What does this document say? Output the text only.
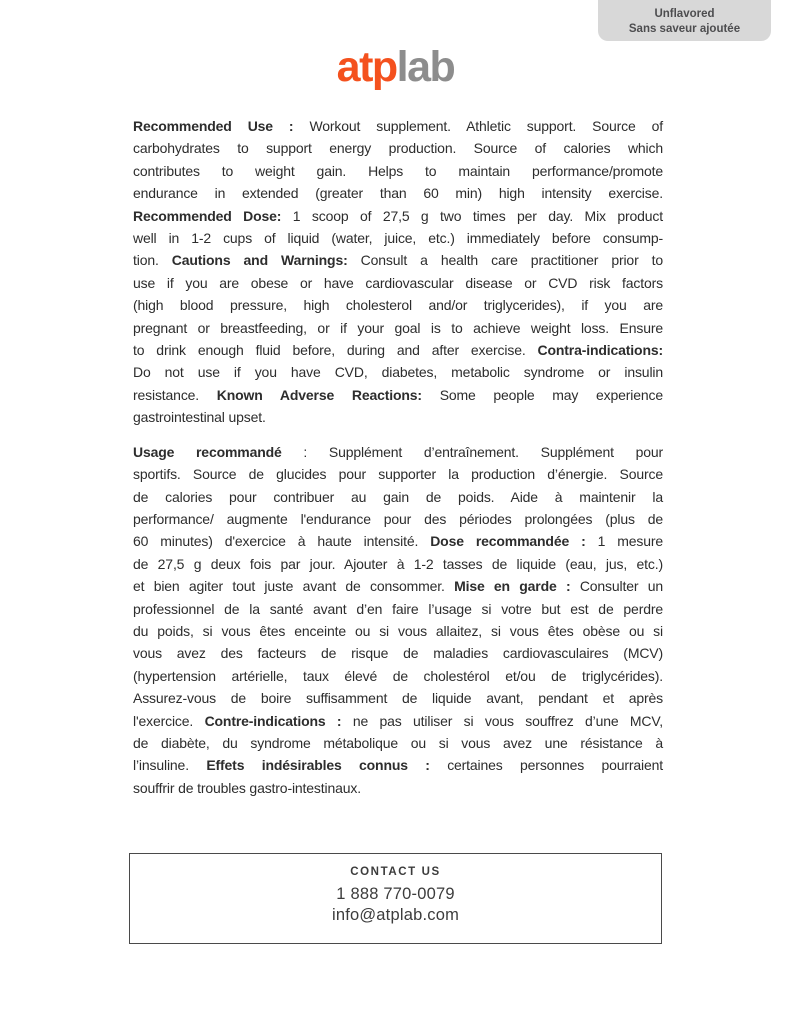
Unflavored
Sans saveur ajoutée
atplab
Recommended Use : Workout supplement. Athletic support. Source of
carbohydrates to support energy production. Source of calories which
contributes to weight gain. Helps to maintain performance/promote
endurance in extended (greater than 60 min) high intensity exercise.
Recommended Dose: 1 scoop of 27,5 g two times per day. Mix product
well in 1-2 cups of liquid (water, juice, etc.) immediately before consump-
tion. Cautions and Warnings: Consult a health care practitioner prior to
use if you are obese or have cardiovascular disease or CVD risk factors
(high blood pressure, high cholesterol and/or triglycerides), if you are
pregnant or breastfeeding, or if your goal is to achieve weight loss. Ensure
to drink enough fluid before, during and after exercise. Contra-indications:
Do not use if you have CVD, diabetes, metabolic syndrome or insulin
resistance. Known Adverse Reactions: Some people may experience
gastrointestinal upset.
Usage recommandé : Supplément d’entraînement. Supplément pour
sportifs. Source de glucides pour supporter la production d’énergie. Source
de calories pour contribuer au gain de poids. Aide à maintenir la
performance/ augmente l'endurance pour des périodes prolongées (plus de
60 minutes) d'exercice à haute intensité. Dose recommandée : 1 mesure
de 27,5 g deux fois par jour. Ajouter à 1-2 tasses de liquide (eau, jus, etc.)
et bien agiter tout juste avant de consommer. Mise en garde : Consulter un
professionnel de la santé avant d’en faire l’usage si votre but est de perdre
du poids, si vous êtes enceinte ou si vous allaitez, si vous êtes obèse ou si
vous avez des facteurs de risque de maladies cardiovasculaires (MCV)
(hypertension artérielle, taux élevé de cholestérol et/ou de triglycérides).
Assurez-vous de boire suffisamment de liquide avant, pendant et après
l'exercice. Contre-indications : ne pas utiliser si vous souffrez d’une MCV,
de diabète, du syndrome métabolique ou si vous avez une résistance à
l’insuline. Effets indésirables connus : certaines personnes pourraient
souffrir de troubles gastro-intestinaux.
CONTACT US
1 888 770-0079
info@atplab.com
